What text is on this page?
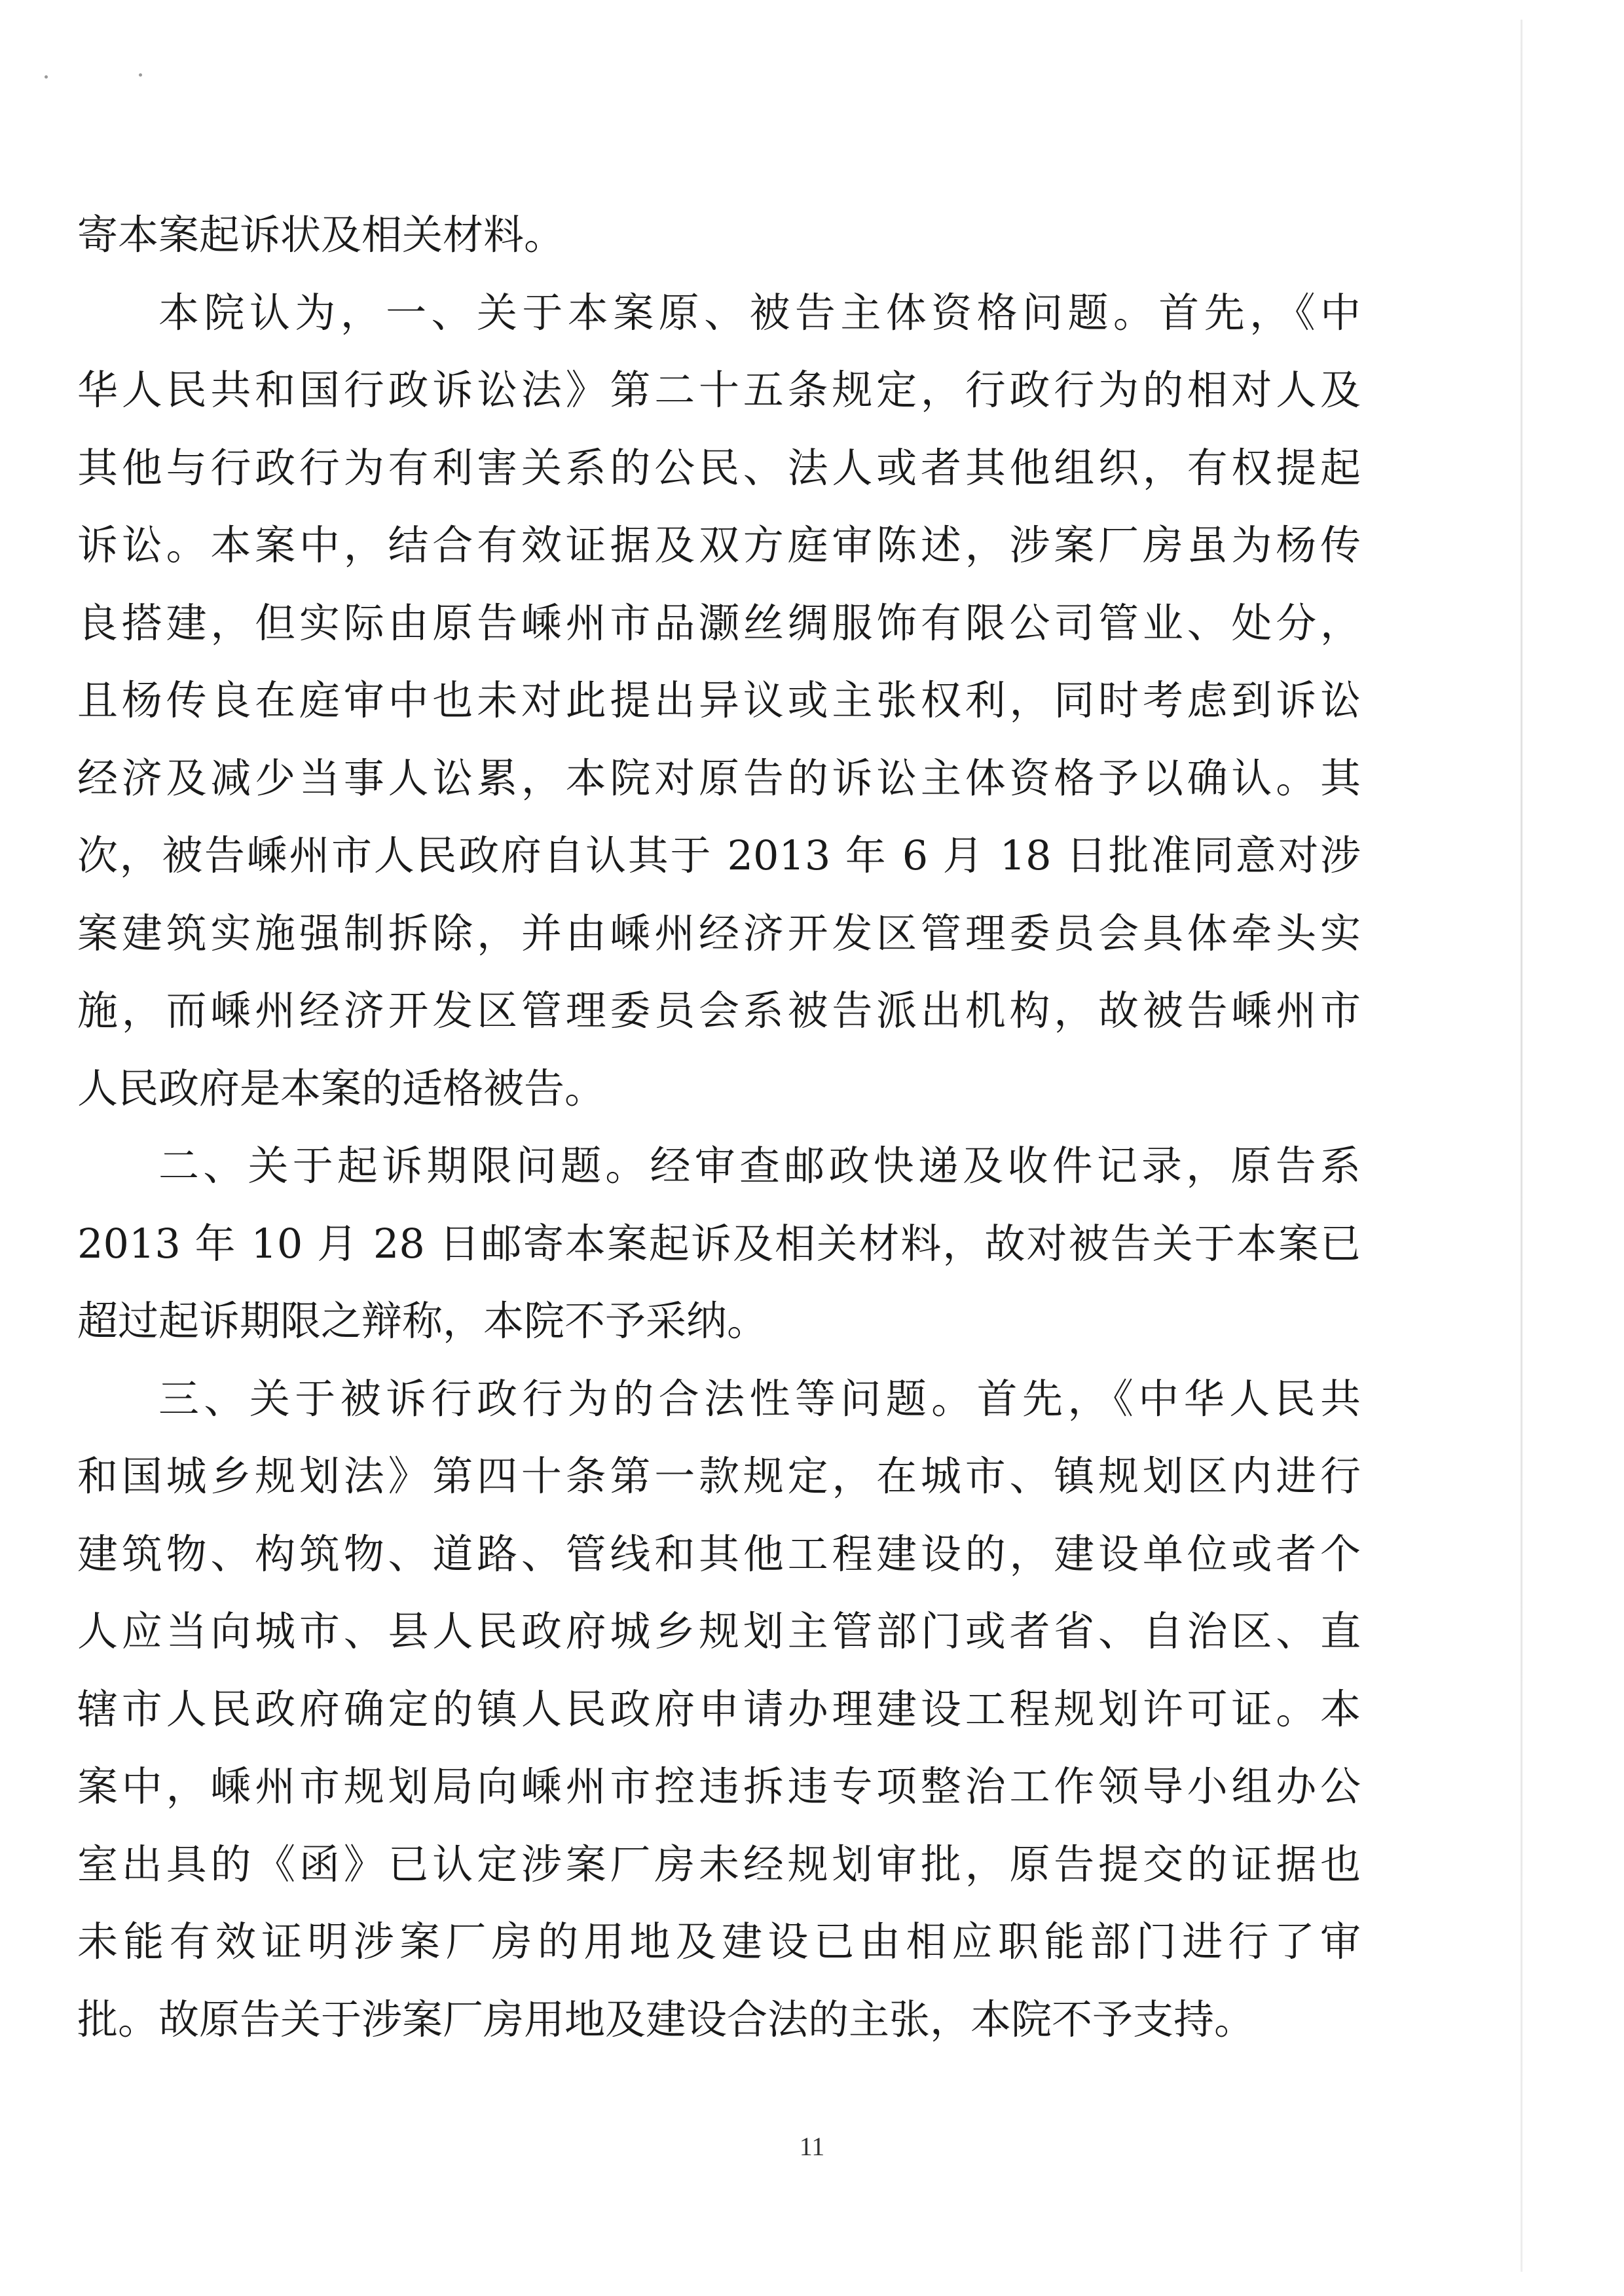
寄本案起诉状及相关材料。
本院认为，一、关于本案原、被告主体资格问题。首先，《中
华人民共和国行政诉讼法》第二十五条规定，行政行为的相对人及
其他与行政行为有利害关系的公民、法人或者其他组织，有权提起
诉讼。本案中，结合有效证据及双方庭审陈述，涉案厂房虽为杨传
良搭建，但实际由原告嵊州市品灏丝绸服饰有限公司管业、处分，
且杨传良在庭审中也未对此提出异议或主张权利，同时考虑到诉讼
经济及减少当事人讼累，本院对原告的诉讼主体资格予以确认。其
次，被告嵊州市人民政府自认其于 2013 年 6 月 18 日批准同意对涉
案建筑实施强制拆除，并由嵊州经济开发区管理委员会具体牵头实
施，而嵊州经济开发区管理委员会系被告派出机构，故被告嵊州市
人民政府是本案的适格被告。
二、关于起诉期限问题。经审查邮政快递及收件记录，原告系
2013 年 10 月 28 日邮寄本案起诉及相关材料，故对被告关于本案已
超过起诉期限之辩称，本院不予采纳。
三、关于被诉行政行为的合法性等问题。首先，《中华人民共
和国城乡规划法》第四十条第一款规定，在城市、镇规划区内进行
建筑物、构筑物、道路、管线和其他工程建设的，建设单位或者个
人应当向城市、县人民政府城乡规划主管部门或者省、自治区、直
辖市人民政府确定的镇人民政府申请办理建设工程规划许可证。本
案中，嵊州市规划局向嵊州市控违拆违专项整治工作领导小组办公
室出具的《函》已认定涉案厂房未经规划审批，原告提交的证据也
未能有效证明涉案厂房的用地及建设已由相应职能部门进行了审
批。故原告关于涉案厂房用地及建设合法的主张，本院不予支持。
11
